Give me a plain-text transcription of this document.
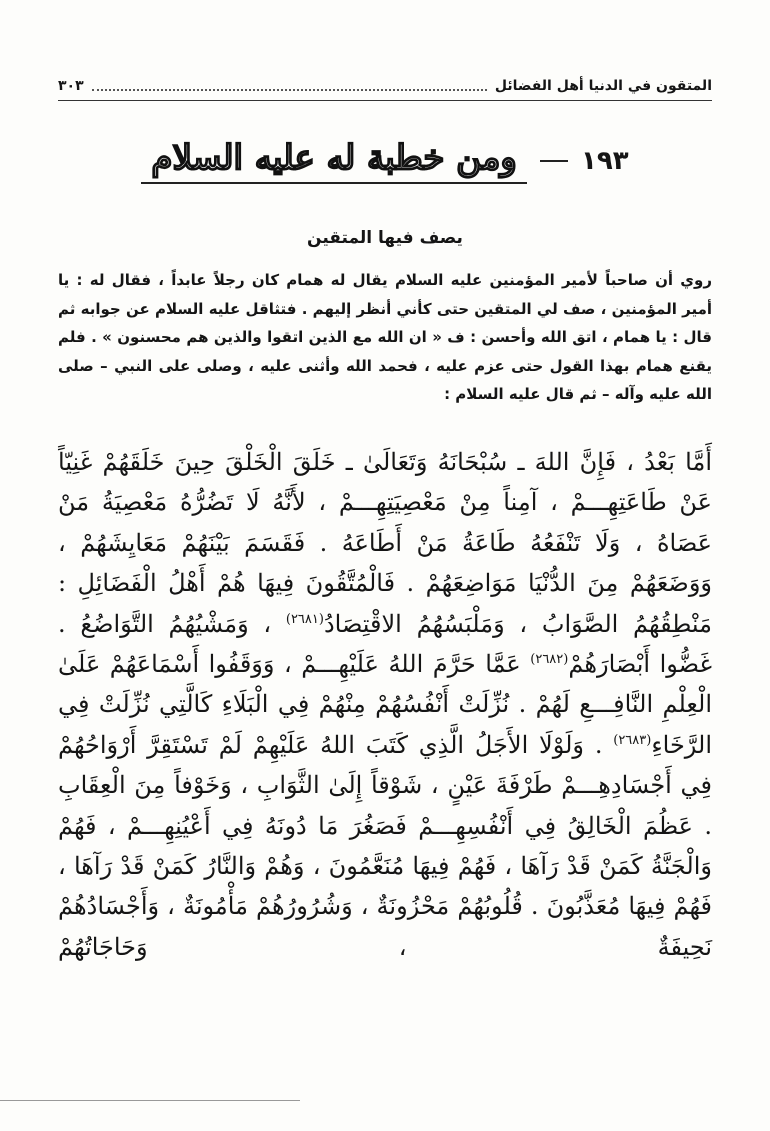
المتقون في الدنيا أهل الفضائل
٣٠٣
١٩٣  ومن خطبة له عليه السلام
يصف فيها المتقين

روي أن صاحباً لأمير المؤمنين عليه السلام يقال له همام كان رجلاً عابداً ، فقال له : يا أمير المؤمنين ، صف لي المتقين حتى كأني أنظر إليهم . فتثاقل عليه السلام عن جوابه ثم قال : يا همام ، اتق الله وأحسن : ف « ان الله مع الذين اتقوا والذين هم محسنون » . فلم يقنع همام بهذا القول حتى عزم عليه ، فحمد الله وأثنى عليه ، وصلى على النبي – صلى الله عليه وآله – ثم قال عليه السلام :

أَمَّا بَعْدُ ، فَإِنَّ اللهَ ـ سُبْحَانَهُ وَتَعَالَىٰ ـ خَلَقَ الْخَلْقَ حِينَ خَلَقَهُمْ غَنِيّاً عَنْ طَاعَتِهِـــمْ ، آمِناً مِنْ مَعْصِيَتِهِـــمْ ، لأَنَّهُ لَا تَضُرُّهُ مَعْصِيَةُ مَنْ عَصَاهُ ، وَلَا تَنْفَعُهُ طَاعَةُ مَنْ أَطَاعَهُ . فَقَسَمَ بَيْنَهُمْ مَعَايِشَهُمْ ، وَوَضَعَهُمْ مِنَ الدُّنْيَا مَوَاضِعَهُمْ . فَالْمُتَّقُونَ فِيهَا هُمْ أَهْلُ الْفَضَائِلِ : مَنْطِقُهُمُ الصَّوَابُ ، وَمَلْبَسُهُمُ الاقْتِصَادُ$^{(٢٦٨١)}$ ، وَمَشْيُهُمُ التَّوَاضُعُ . غَضُّوا أَبْصَارَهُمْ$^{(٢٦٨٢)}$ عَمَّا حَرَّمَ اللهُ عَلَيْهِـــمْ ، وَوَقَفُوا أَسْمَاعَهُمْ عَلَىٰ الْعِلْمِ النَّافِـــعِ لَهُمْ . نُزِّلَتْ أَنْفُسُهُمْ مِنْهُمْ فِي الْبَلَاءِ كَالَّتِي نُزِّلَتْ فِي الرَّخَاءِ$^{(٢٦٨٣)}$ . وَلَوْلَا الأَجَلُ الَّذِي كَتَبَ اللهُ عَلَيْهِمْ لَمْ تَسْتَقِرَّ أَرْوَاحُهُمْ فِي أَجْسَادِهِـــمْ طَرْفَةَ عَيْنٍ ، شَوْقاً إِلَىٰ الثَّوَابِ ، وَخَوْفاً مِنَ الْعِقَابِ . عَظُمَ الْخَالِقُ فِي أَنْفُسِهِـــمْ فَصَغُرَ مَا دُونَهُ فِي أَعْيُنِهِـــمْ ، فَهُمْ وَالْجَنَّةُ كَمَنْ قَدْ رَآهَا ، فَهُمْ فِيهَا مُنَعَّمُونَ ، وَهُمْ وَالنَّارُ كَمَنْ قَدْ رَآهَا ، فَهُمْ فِيهَا مُعَذَّبُونَ . قُلُوبُهُمْ مَحْزُونَةٌ ، وَشُرُورُهُمْ مَأْمُونَةٌ ، وَأَجْسَادُهُمْ نَحِيفَةٌ ، وَحَاجَاتُهُمْ
